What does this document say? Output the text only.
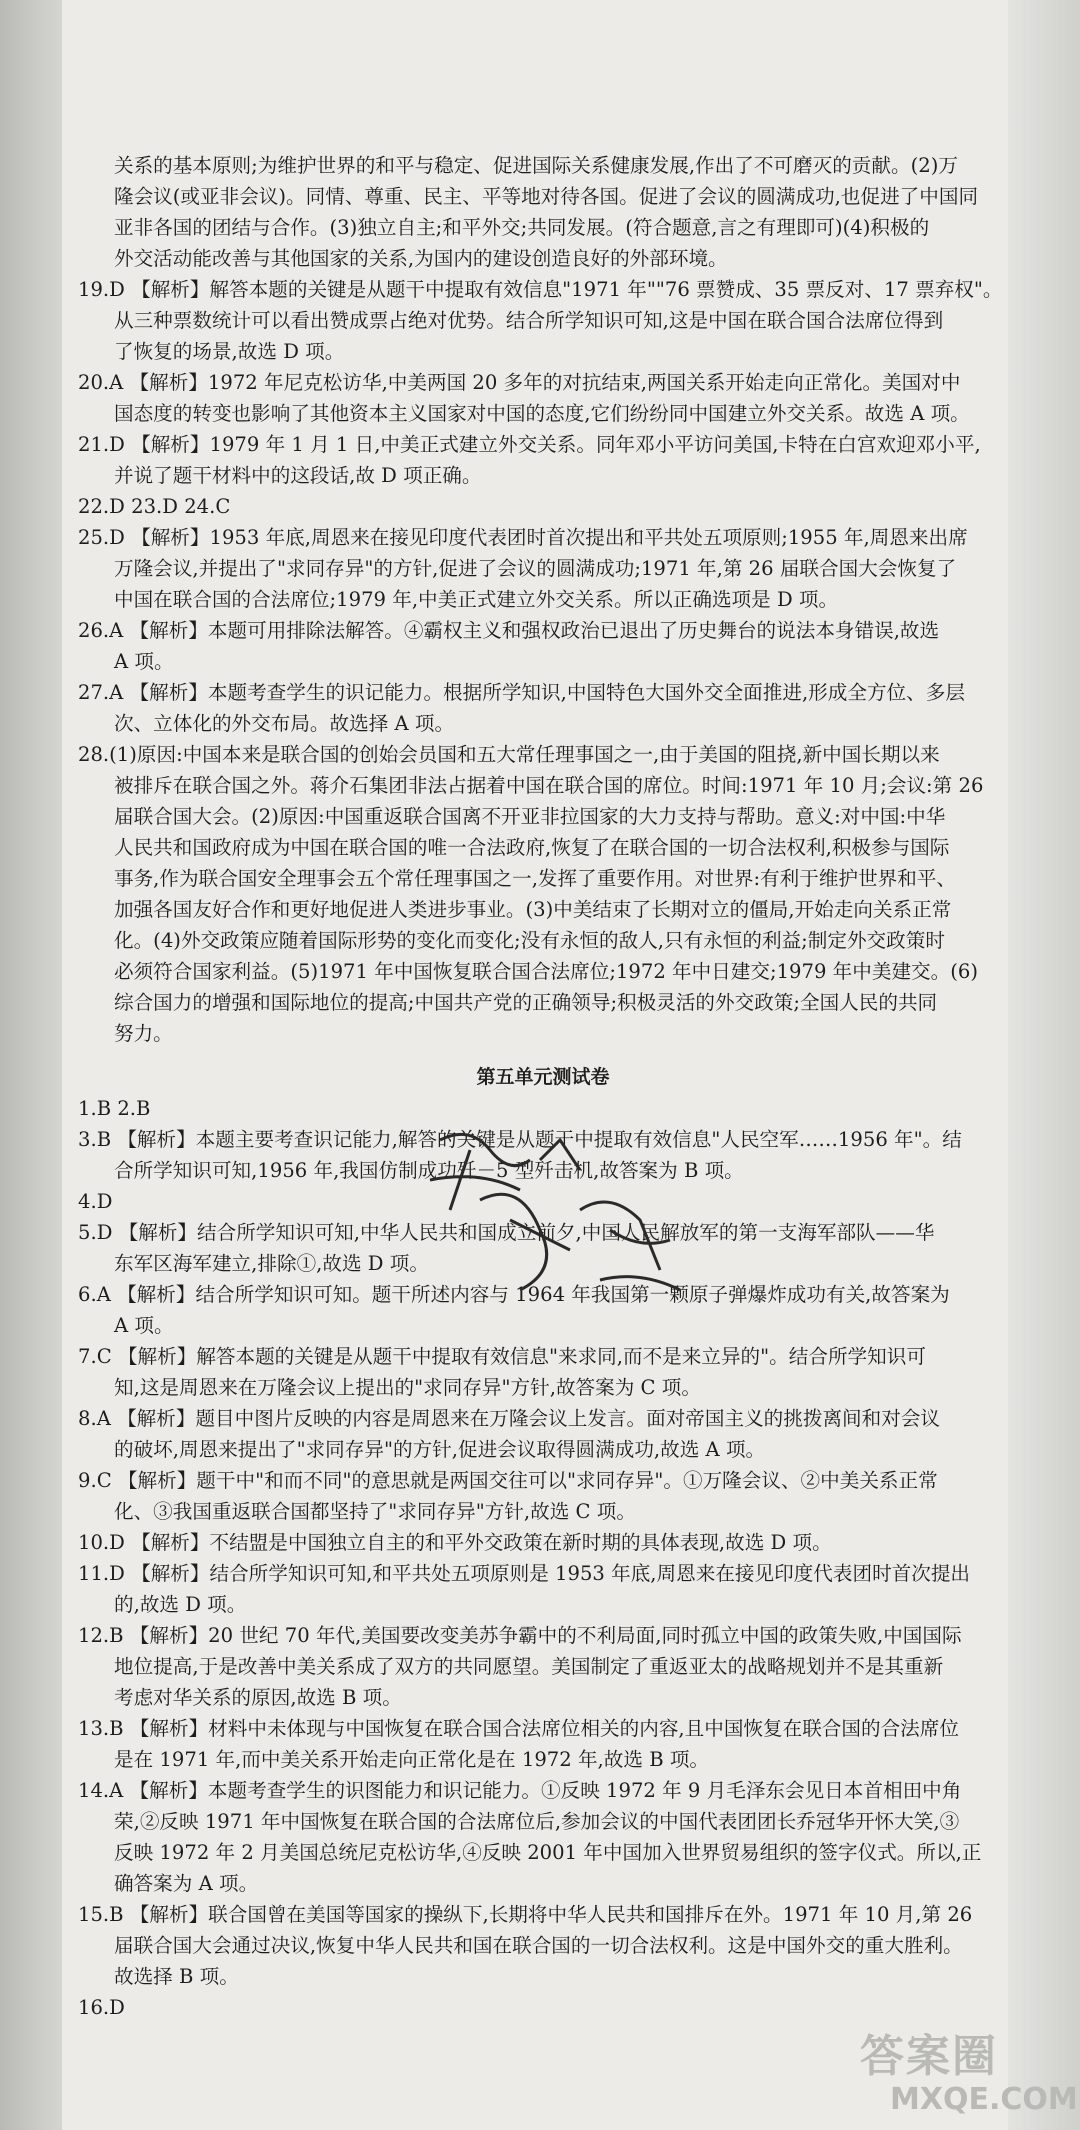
关系的基本原则;为维护世界的和平与稳定、促进国际关系健康发展,作出了不可磨灭的贡献。(2)万
隆会议(或亚非会议)。同情、尊重、民主、平等地对待各国。促进了会议的圆满成功,也促进了中国同
亚非各国的团结与合作。(3)独立自主;和平外交;共同发展。(符合题意,言之有理即可)(4)积极的
外交活动能改善与其他国家的关系,为国内的建设创造良好的外部环境。
19.D 【解析】解答本题的关键是从题干中提取有效信息"1971 年""76 票赞成、35 票反对、17 票弃权"。
从三种票数统计可以看出赞成票占绝对优势。结合所学知识可知,这是中国在联合国合法席位得到
了恢复的场景,故选 D 项。
20.A 【解析】1972 年尼克松访华,中美两国 20 多年的对抗结束,两国关系开始走向正常化。美国对中
国态度的转变也影响了其他资本主义国家对中国的态度,它们纷纷同中国建立外交关系。故选 A 项。
21.D 【解析】1979 年 1 月 1 日,中美正式建立外交关系。同年邓小平访问美国,卡特在白宫欢迎邓小平,
并说了题干材料中的这段话,故 D 项正确。
22.D 23.D 24.C
25.D 【解析】1953 年底,周恩来在接见印度代表团时首次提出和平共处五项原则;1955 年,周恩来出席
万隆会议,并提出了"求同存异"的方针,促进了会议的圆满成功;1971 年,第 26 届联合国大会恢复了
中国在联合国的合法席位;1979 年,中美正式建立外交关系。所以正确选项是 D 项。
26.A 【解析】本题可用排除法解答。④霸权主义和强权政治已退出了历史舞台的说法本身错误,故选
A 项。
27.A 【解析】本题考查学生的识记能力。根据所学知识,中国特色大国外交全面推进,形成全方位、多层
次、立体化的外交布局。故选择 A 项。
28.(1)原因:中国本来是联合国的创始会员国和五大常任理事国之一,由于美国的阻挠,新中国长期以来
被排斥在联合国之外。蒋介石集团非法占据着中国在联合国的席位。时间:1971 年 10 月;会议:第 26
届联合国大会。(2)原因:中国重返联合国离不开亚非拉国家的大力支持与帮助。意义:对中国:中华
人民共和国政府成为中国在联合国的唯一合法政府,恢复了在联合国的一切合法权利,积极参与国际
事务,作为联合国安全理事会五个常任理事国之一,发挥了重要作用。对世界:有利于维护世界和平、
加强各国友好合作和更好地促进人类进步事业。(3)中美结束了长期对立的僵局,开始走向关系正常
化。(4)外交政策应随着国际形势的变化而变化;没有永恒的敌人,只有永恒的利益;制定外交政策时
必须符合国家利益。(5)1971 年中国恢复联合国合法席位;1972 年中日建交;1979 年中美建交。(6)
综合国力的增强和国际地位的提高;中国共产党的正确领导;积极灵活的外交政策;全国人民的共同
努力。
第五单元测试卷
1.B 2.B
3.B 【解析】本题主要考查识记能力,解答的关键是从题干中提取有效信息"人民空军……1956 年"。结
合所学知识可知,1956 年,我国仿制成功歼－5 型歼击机,故答案为 B 项。
4.D
5.D 【解析】结合所学知识可知,中华人民共和国成立前夕,中国人民解放军的第一支海军部队——华
东军区海军建立,排除①,故选 D 项。
6.A 【解析】结合所学知识可知。题干所述内容与 1964 年我国第一颗原子弹爆炸成功有关,故答案为
A 项。
7.C 【解析】解答本题的关键是从题干中提取有效信息"来求同,而不是来立异的"。结合所学知识可
知,这是周恩来在万隆会议上提出的"求同存异"方针,故答案为 C 项。
8.A 【解析】题目中图片反映的内容是周恩来在万隆会议上发言。面对帝国主义的挑拨离间和对会议
的破坏,周恩来提出了"求同存异"的方针,促进会议取得圆满成功,故选 A 项。
9.C 【解析】题干中"和而不同"的意思就是两国交往可以"求同存异"。①万隆会议、②中美关系正常
化、③我国重返联合国都坚持了"求同存异"方针,故选 C 项。
10.D 【解析】不结盟是中国独立自主的和平外交政策在新时期的具体表现,故选 D 项。
11.D 【解析】结合所学知识可知,和平共处五项原则是 1953 年底,周恩来在接见印度代表团时首次提出
的,故选 D 项。
12.B 【解析】20 世纪 70 年代,美国要改变美苏争霸中的不利局面,同时孤立中国的政策失败,中国国际
地位提高,于是改善中美关系成了双方的共同愿望。美国制定了重返亚太的战略规划并不是其重新
考虑对华关系的原因,故选 B 项。
13.B 【解析】材料中未体现与中国恢复在联合国合法席位相关的内容,且中国恢复在联合国的合法席位
是在 1971 年,而中美关系开始走向正常化是在 1972 年,故选 B 项。
14.A 【解析】本题考查学生的识图能力和识记能力。①反映 1972 年 9 月毛泽东会见日本首相田中角
荣,②反映 1971 年中国恢复在联合国的合法席位后,参加会议的中国代表团团长乔冠华开怀大笑,③
反映 1972 年 2 月美国总统尼克松访华,④反映 2001 年中国加入世界贸易组织的签字仪式。所以,正
确答案为 A 项。
15.B 【解析】联合国曾在美国等国家的操纵下,长期将中华人民共和国排斥在外。1971 年 10 月,第 26
届联合国大会通过决议,恢复中华人民共和国在联合国的一切合法权利。这是中国外交的重大胜利。
故选择 B 项。
16.D
答案圈
MXQE.COM
